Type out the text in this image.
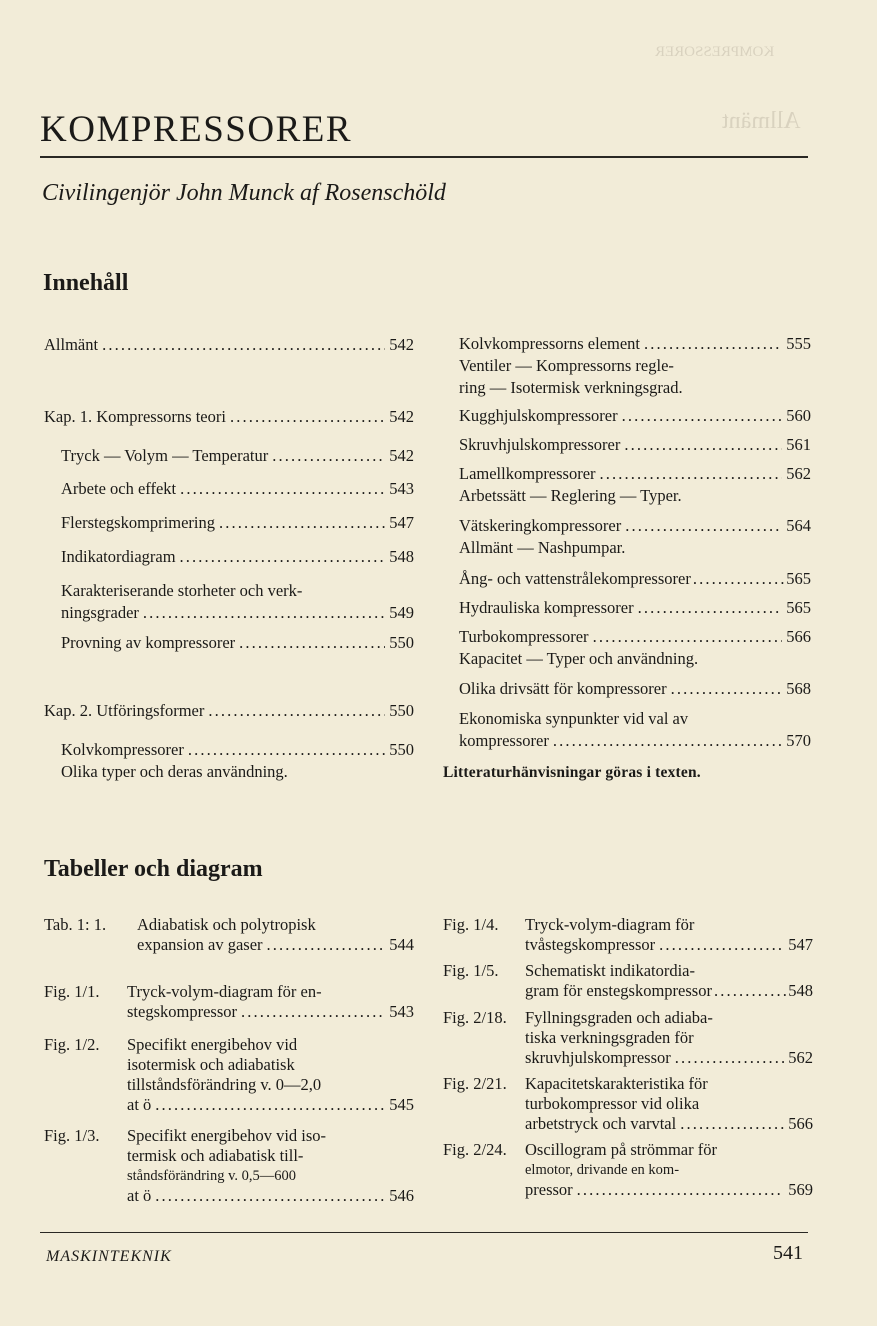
KOMPRESSORER
Allmänt
KOMPRESSORER
Civilingenjör John Munck af Rosenschöld
Innehåll
Allmänt . . .	542
Kap. 1. Kompressorns teori . . .	542
Tryck — Volym — Temperatur . . .	542
Arbete och effekt . . .	543
Flerstegskomprimering . . .	547
Indikatordiagram . . .	548
Karakteriserande storheter och verk-
ningsgrader . . .	549
Provning av kompressorer . . .	550
Kap. 2. Utföringsformer . . .	550
Kolvkompressorer . . .	550
Olika typer och deras användning.
Kolvkompressorns element . . .	555
Ventiler — Kompressorns regle-
ring — Isotermisk verkningsgrad.
Kugghjulskompressorer . . .	560
Skruvhjulskompressorer . . .	561
Lamellkompressorer . . .	562
Arbetssätt — Reglering — Typer.
Vätskeringkompressorer . . .	564
Allmänt — Nashpumpar.
Ång- och vattenstrålekompressorer . . .	565
Hydrauliska kompressorer . . .	565
Turbokompressorer . . .	566
Kapacitet — Typer och användning.
Olika drivsätt för kompressorer . . .	568
Ekonomiska synpunkter vid val av
kompressorer . . .	570
Litteraturhänvisningar göras i texten.
Tabeller och diagram
Tab. 1: 1. Adiabatisk och polytropisk
expansion av gaser . . .	544
Fig. 1/1. Tryck-volym-diagram för en-
stegskompressor . . .	543
Fig. 1/2. Specifikt energibehov vid
isotermisk och adiabatisk
tillståndsförändring v. 0—2,0
at ö . . .	545
Fig. 1/3. Specifikt energibehov vid iso-
termisk och adiabatisk till-
ståndsförändring v. 0,5—600
at ö . . .	546
Fig. 1/4. Tryck-volym-diagram för
tvåstegskompressor . . .	547
Fig. 1/5. Schematiskt indikatordia-
gram för enstegskompressor . . .	548
Fig. 2/18. Fyllningsgraden och adiaba-
tiska verkningsgraden för
skruvhjulskompressor . . .	562
Fig. 2/21. Kapacitetskarakteristika för
turbokompressor vid olika
arbetstryck och varvtal . . .	566
Fig. 2/24. Oscillogram på strömmar för
elmotor, drivande en kom-
pressor . . .	569
MASKINTEKNIK	541
